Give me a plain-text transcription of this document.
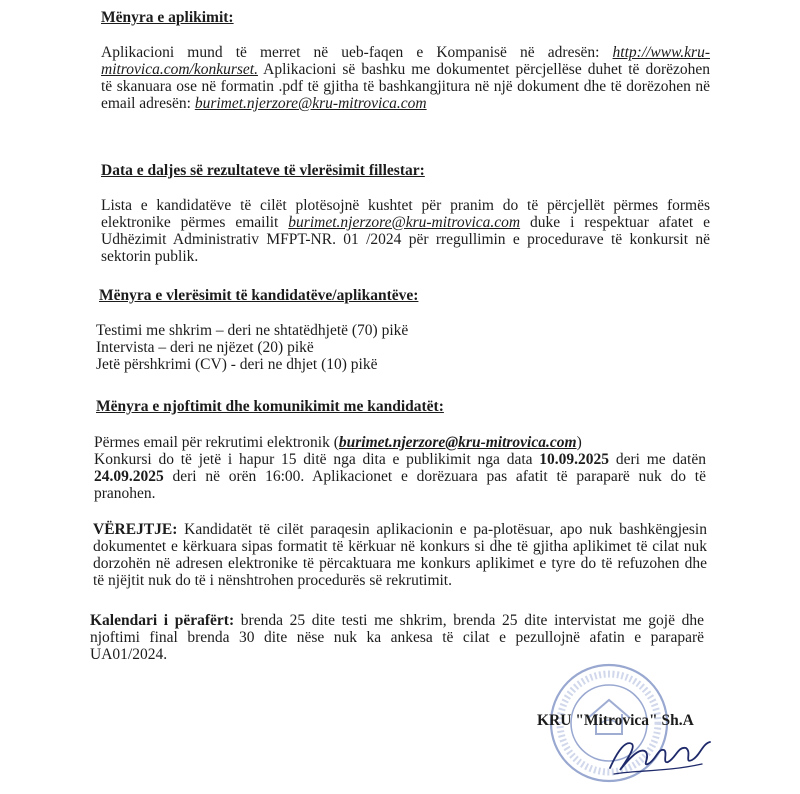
Mënyra e aplikimit:
Aplikacioni mund të merret në ueb-faqen e Kompanisë në adresën: http://www.kru-
mitrovica.com/konkurset. Aplikacioni së bashku me dokumentet përcjellëse duhet të dorëzohen
të skanuara ose në formatin .pdf të gjitha të bashkangjitura në një dokument dhe të dorëzohen në
email adresën: burimet.njerzore@kru-mitrovica.com
Data e daljes së rezultateve të vlerësimit fillestar:
Lista e kandidatëve të cilët plotësojnë kushtet për pranim do të përcjellët përmes formës
elektronike përmes emailit burimet.njerzore@kru-mitrovica.com duke i respektuar afatet e
Udhëzimit Administrativ MFPT-NR. 01 /2024 për rregullimin e procedurave të konkursit në
sektorin publik.
Mënyra e vlerësimit të kandidatëve/aplikantëve:
Testimi me shkrim – deri ne shtatëdhjetë (70) pikë
Intervista – deri ne njëzet (20) pikë
Jetë përshkrimi (CV) - deri ne dhjet (10) pikë
Mënyra e njoftimit dhe komunikimit me kandidatët:
Përmes email për rekrutimi elektronik (burimet.njerzore@kru-mitrovica.com)
Konkursi do të jetë i hapur 15 ditë nga dita e publikimit nga data 10.09.2025 deri me datën
24.09.2025 deri në orën 16:00. Aplikacionet e dorëzuara pas afatit të paraparë nuk do të
pranohen.
VËREJTJE: Kandidatët të cilët paraqesin aplikacionin e pa-plotësuar, apo nuk bashkëngjesin
dokumentet e kërkuara sipas formatit të kërkuar në konkurs si dhe të gjitha aplikimet të cilat nuk
dorzohën në adresen elektronike të përcaktuara me konkurs aplikimet e tyre do të refuzohen dhe
të njëjtit nuk do të i nënshtrohen procedurës së rekrutimit.
Kalendari i përafërt: brenda 25 dite testi me shkrim, brenda 25 dite intervistat me gojë dhe
njoftimi final brenda 30 dite nëse nuk ka ankesa të cilat e pezullojnë afatin e paraparë
UA01/2024.
KRU "Mitrovica" Sh.A
